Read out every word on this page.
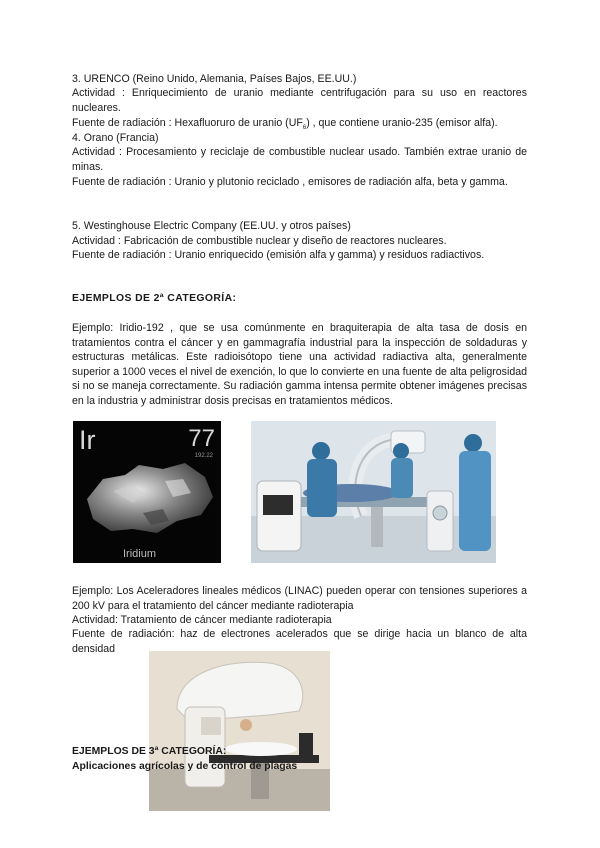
3. URENCO (Reino Unido, Alemania, Países Bajos, EE.UU.)

Actividad : Enriquecimiento de uranio mediante centrifugación para su uso en reactores nucleares.

Fuente de radiación : Hexafluoruro de uranio $(UF_6)$ , que contiene uranio-235 (emisor alfa).

4. Orano (Francia)

Actividad : Procesamiento y reciclaje de combustible nuclear usado. También extrae uranio de minas.

Fuente de radiación : Uranio y plutonio reciclado , emisores de radiación alfa, beta y gamma.

5. Westinghouse Electric Company (EE.UU. y otros países)

Actividad : Fabricación de combustible nuclear y diseño de reactores nucleares.

Fuente de radiación : Uranio enriquecido (emisión alfa y gamma) y residuos radiactivos.

EJEMPLOS DE 2ª CATEGORÍA:

Ejemplo: Iridio-192 , que se usa comúnmente en braquiterapia de alta tasa de dosis en tratamientos contra el cáncer y en gammagrafía industrial para la inspección de soldaduras y estructuras metálicas. Este radioisótopo tiene una actividad radiactiva alta, generalmente superior a 1000 veces el nivel de exención, lo que lo convierte en una fuente de alta peligrosidad si no se maneja correctamente. Su radiación gamma intensa permite obtener imágenes precisas en la industria y administrar dosis precisas en tratamientos médicos.

Ir	77
192.22
Iridium

Ejemplo: Los Aceleradores lineales médicos (LINAC) pueden operar con tensiones superiores a 200 kV para el tratamiento del cáncer mediante radioterapia

Actividad: Tratamiento de cáncer mediante radioterapia

Fuente de radiación: haz de electrones acelerados que se dirige hacia un blanco de alta densidad

EJEMPLOS DE 3ª CATEGORÍA:

Aplicaciones agrícolas y de control de plagas
